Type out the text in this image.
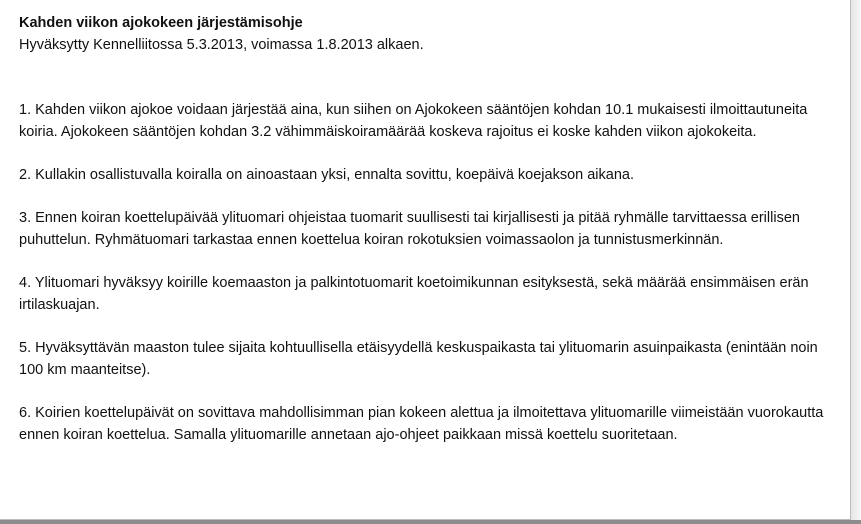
Kahden viikon ajokokeen järjestämisohje

Hyväksytty Kennelliitossa 5.3.2013, voimassa 1.8.2013 alkaen.

1. Kahden viikon ajokoe voidaan järjestää aina, kun siihen on Ajokokeen sääntöjen kohdan 10.1 mukaisesti ilmoittautuneita koiria. Ajokokeen sääntöjen kohdan 3.2 vähimmäiskoiramäärää koskeva rajoitus ei koske kahden viikon ajokokeita.

2. Kullakin osallistuvalla koiralla on ainoastaan yksi, ennalta sovittu, koepäivä koejakson aikana.

3. Ennen koiran koettelupäivää ylituomari ohjeistaa tuomarit suullisesti tai kirjallisesti ja pitää ryhmälle tarvittaessa erillisen puhuttelun. Ryhmätuomari tarkastaa ennen koettelua koiran rokotuksien voimassaolon ja tunnistusmerkinnän.

4. Ylituomari hyväksyy koirille koemaaston ja palkintotuomarit koetoimikunnan esityksestä, sekä määrää ensimmäisen erän irtilaskuajan.

5. Hyväksyttävän maaston tulee sijaita kohtuullisella etäisyydellä keskuspaikasta tai ylituomarin asuinpaikasta (enintään noin 100 km maanteitse).

6. Koirien koettelupäivät on sovittava mahdollisimman pian kokeen alettua ja ilmoitettava ylituomarille viimeistään vuorokautta ennen koiran koettelua. Samalla ylituomarille annetaan ajo-ohjeet paikkaan missä koettelu suoritetaan.
